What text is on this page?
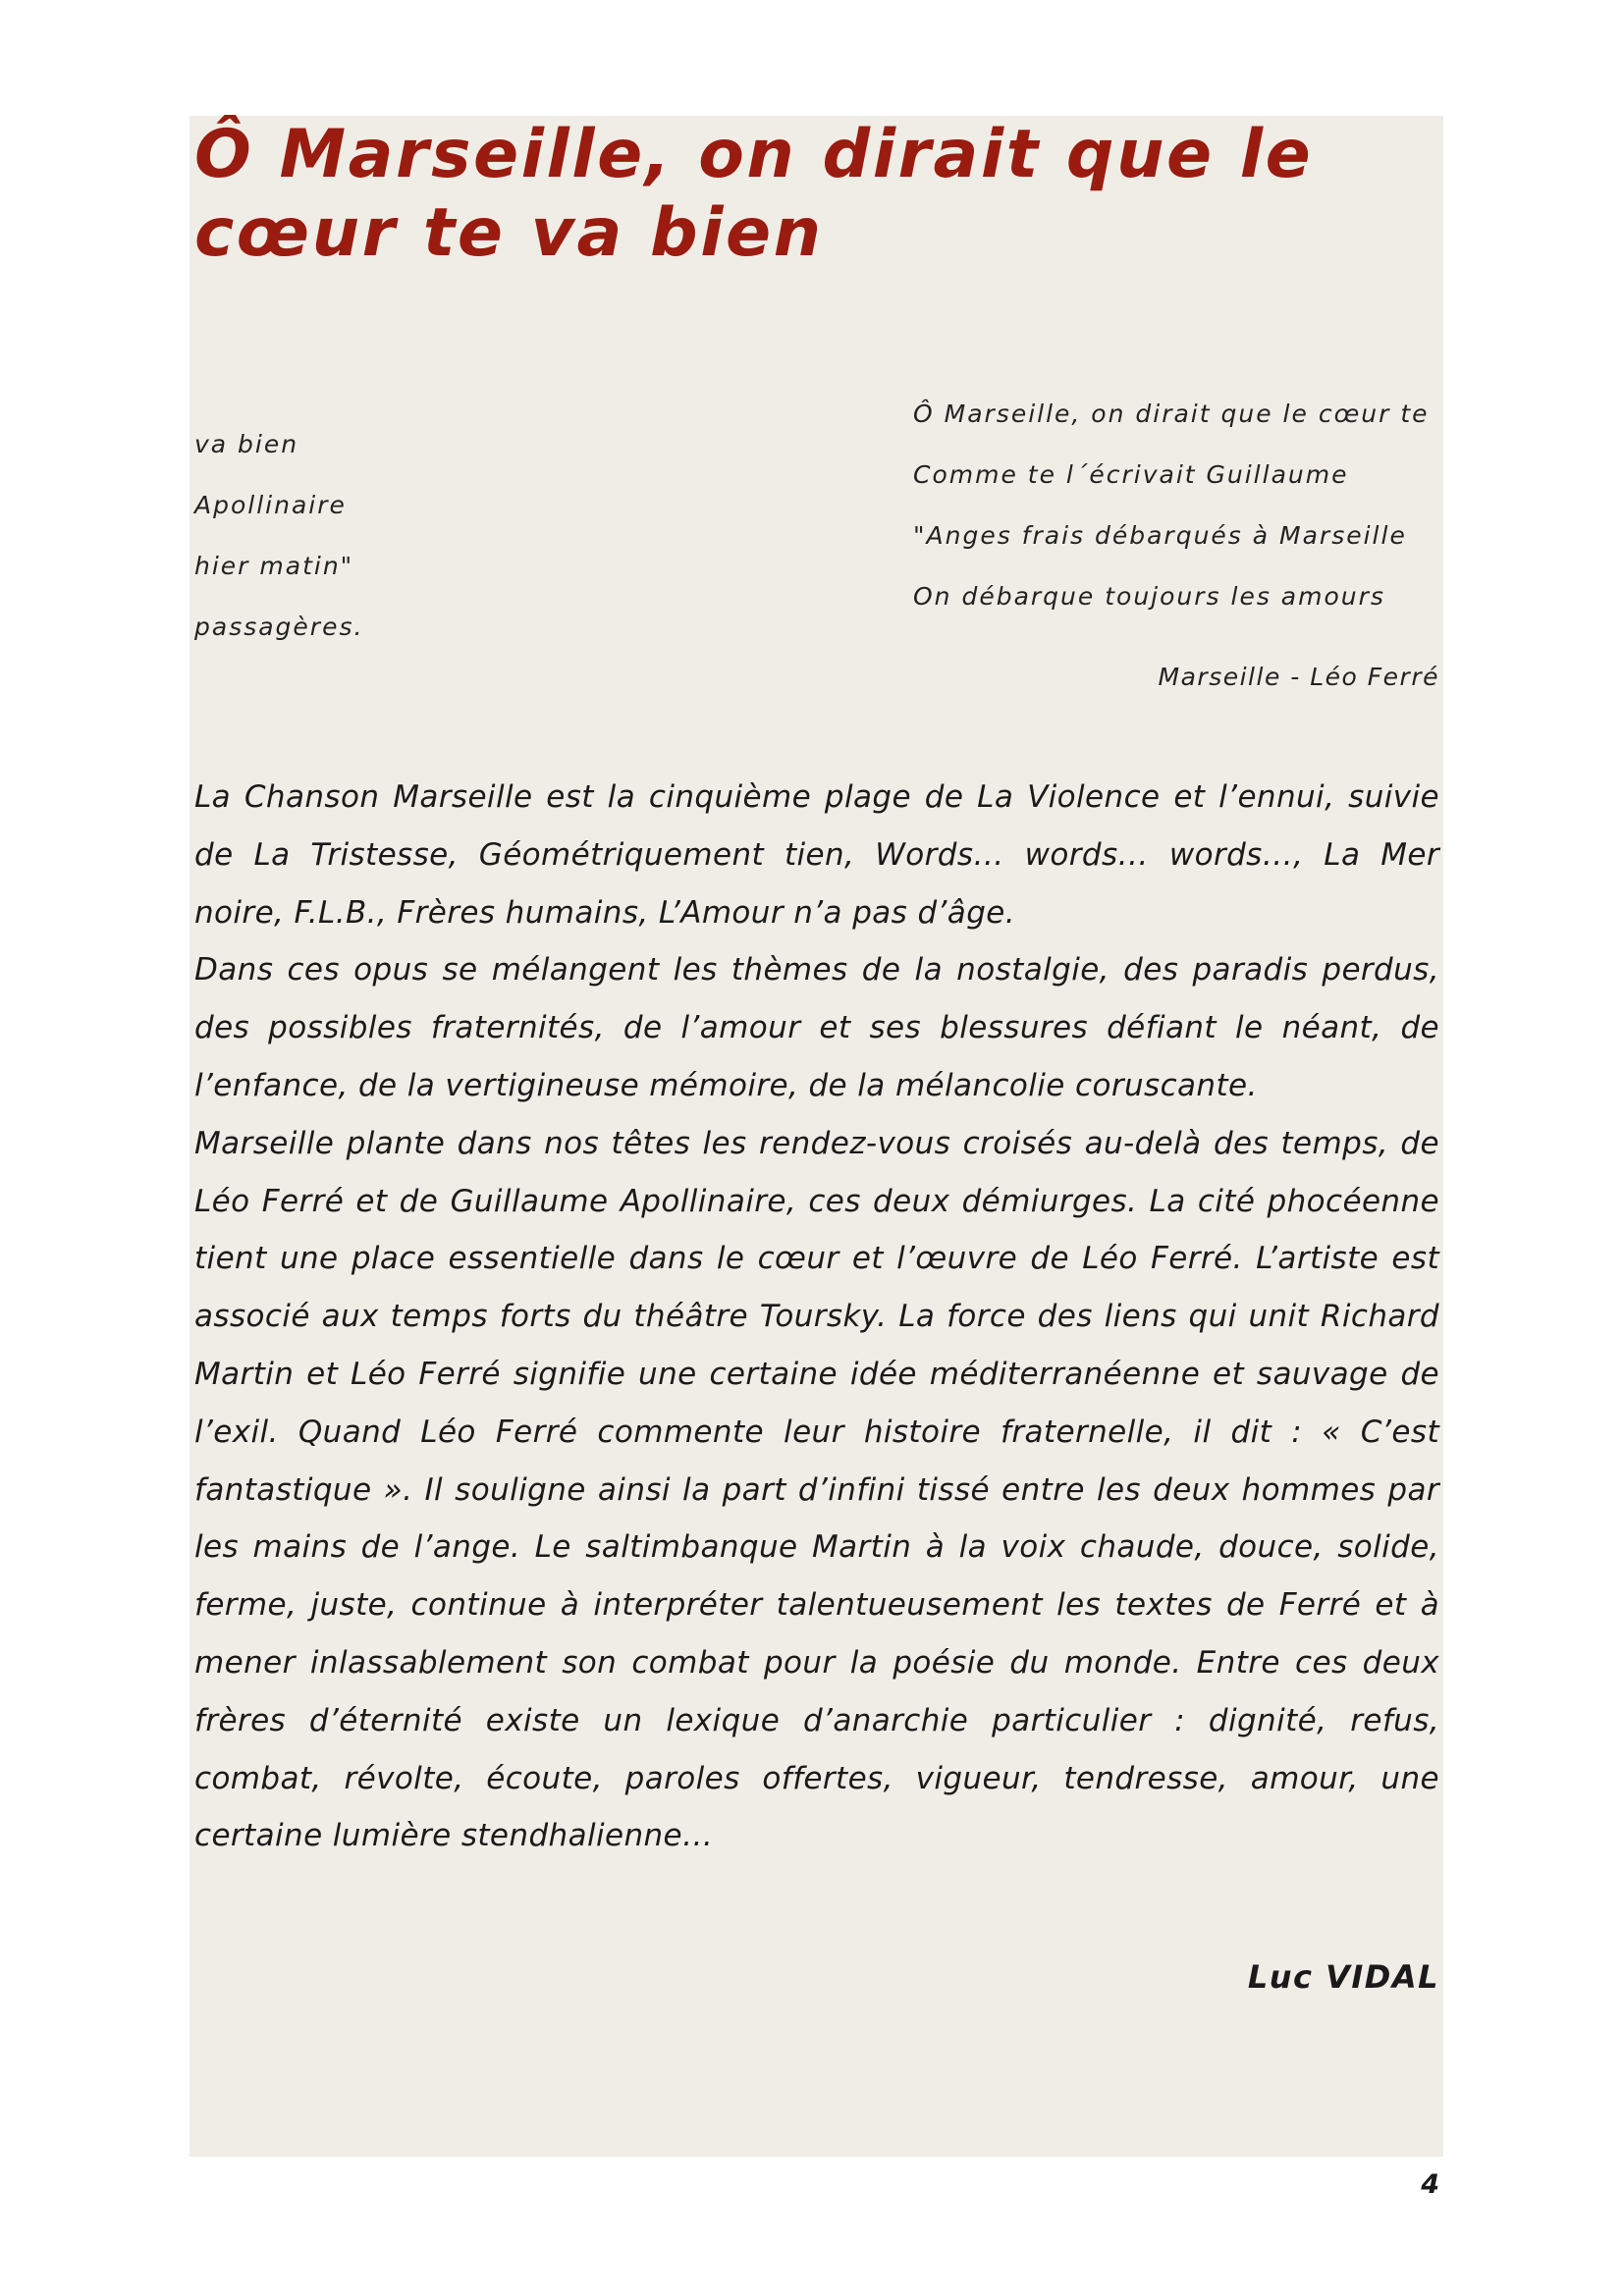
Ô Marseille, on dirait que le cœur te va bien
Ô Marseille, on dirait que le cœur te
Comme te l´écrivait Guillaume
"Anges frais débarqués à Marseille
On débarque toujours les amours
va bien
Apollinaire
hier matin"
passagères.
Marseille - Léo Ferré

La Chanson Marseille est la cinquième plage de La Violence et l’ennui, suivie de La Tristesse, Géométriquement tien, Words… words… words…, La Mer noire, F.L.B., Frères humains, L’Amour n’a pas d’âge.

Dans ces opus se mélangent les thèmes de la nostalgie, des paradis perdus, des possibles fraternités, de l’amour et ses blessures défiant le néant, de l’enfance, de la vertigineuse mémoire, de la mélancolie coruscante.

Marseille plante dans nos têtes les rendez-vous croisés au-delà des temps, de Léo Ferré et de Guillaume Apollinaire, ces deux démiurges. La cité phocéenne tient une place essentielle dans le cœur et l’œuvre de Léo Ferré. L’artiste est associé aux temps forts du théâtre Toursky. La force des liens qui unit Richard Martin et Léo Ferré signifie une certaine idée méditerranéenne et sauvage de l’exil. Quand Léo Ferré commente leur histoire fraternelle, il dit : « C’est fantastique ». Il souligne ainsi la part d’infini tissé entre les deux hommes par les mains de l’ange. Le saltimbanque Martin à la voix chaude, douce, solide, ferme, juste, continue à interpréter talentueusement les textes de Ferré et à mener inlassablement son combat pour la poésie du monde. Entre ces deux frères d’éternité existe un lexique d’anarchie particulier : dignité, refus, combat, révolte, écoute, paroles offertes, vigueur, tendresse, amour, une certaine lumière stendhalienne…

Luc VIDAL
4
